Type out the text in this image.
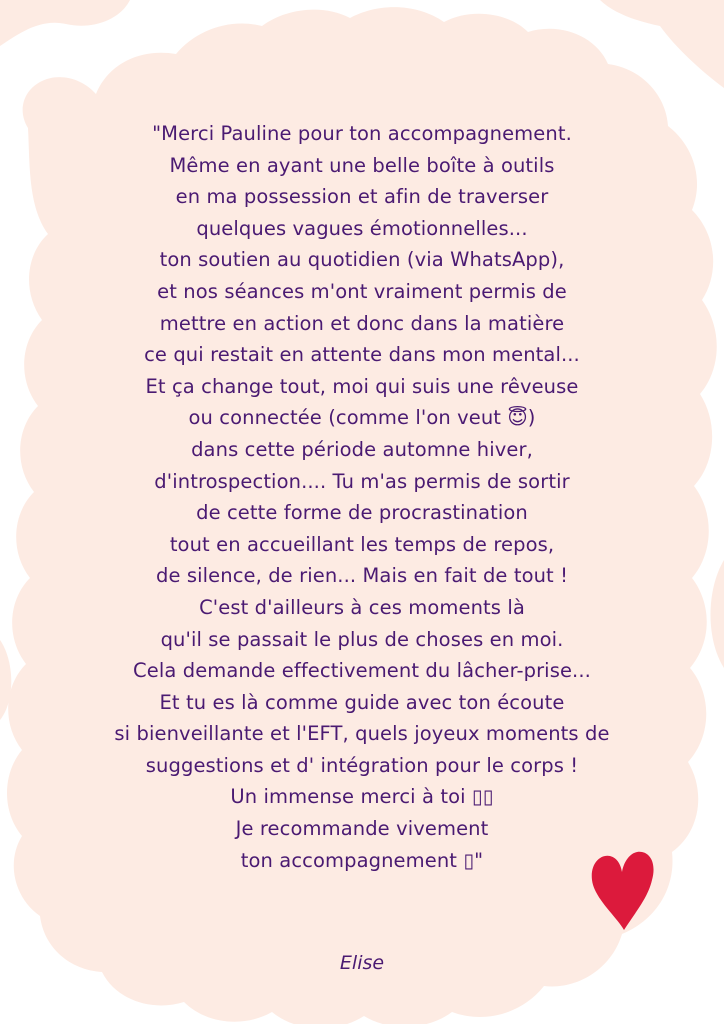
"Merci Pauline pour ton accompagnement.
Même en ayant une belle boîte à outils
en ma possession et afin de traverser
quelques vagues émotionnelles...
ton soutien au quotidien (via WhatsApp),
et nos séances m'ont vraiment permis de
mettre en action et donc dans la matière
ce qui restait en attente dans mon mental...
Et ça change tout, moi qui suis une rêveuse
ou connectée (comme l'on veut 😇)
dans cette période automne hiver,
d'introspection.... Tu m'as permis de sortir
de cette forme de procrastination
tout en accueillant les temps de repos,
de silence, de rien... Mais en fait de tout !
C'est d'ailleurs à ces moments là
qu'il se passait le plus de choses en moi.
Cela demande effectivement du lâcher-prise...
Et tu es là comme guide avec ton écoute
si bienveillante et l'EFT, quels joyeux moments de
suggestions et d' intégration pour le corps !
Un immense merci à toi ▯▯
Je recommande vivement
ton accompagnement ▯"
Elise
